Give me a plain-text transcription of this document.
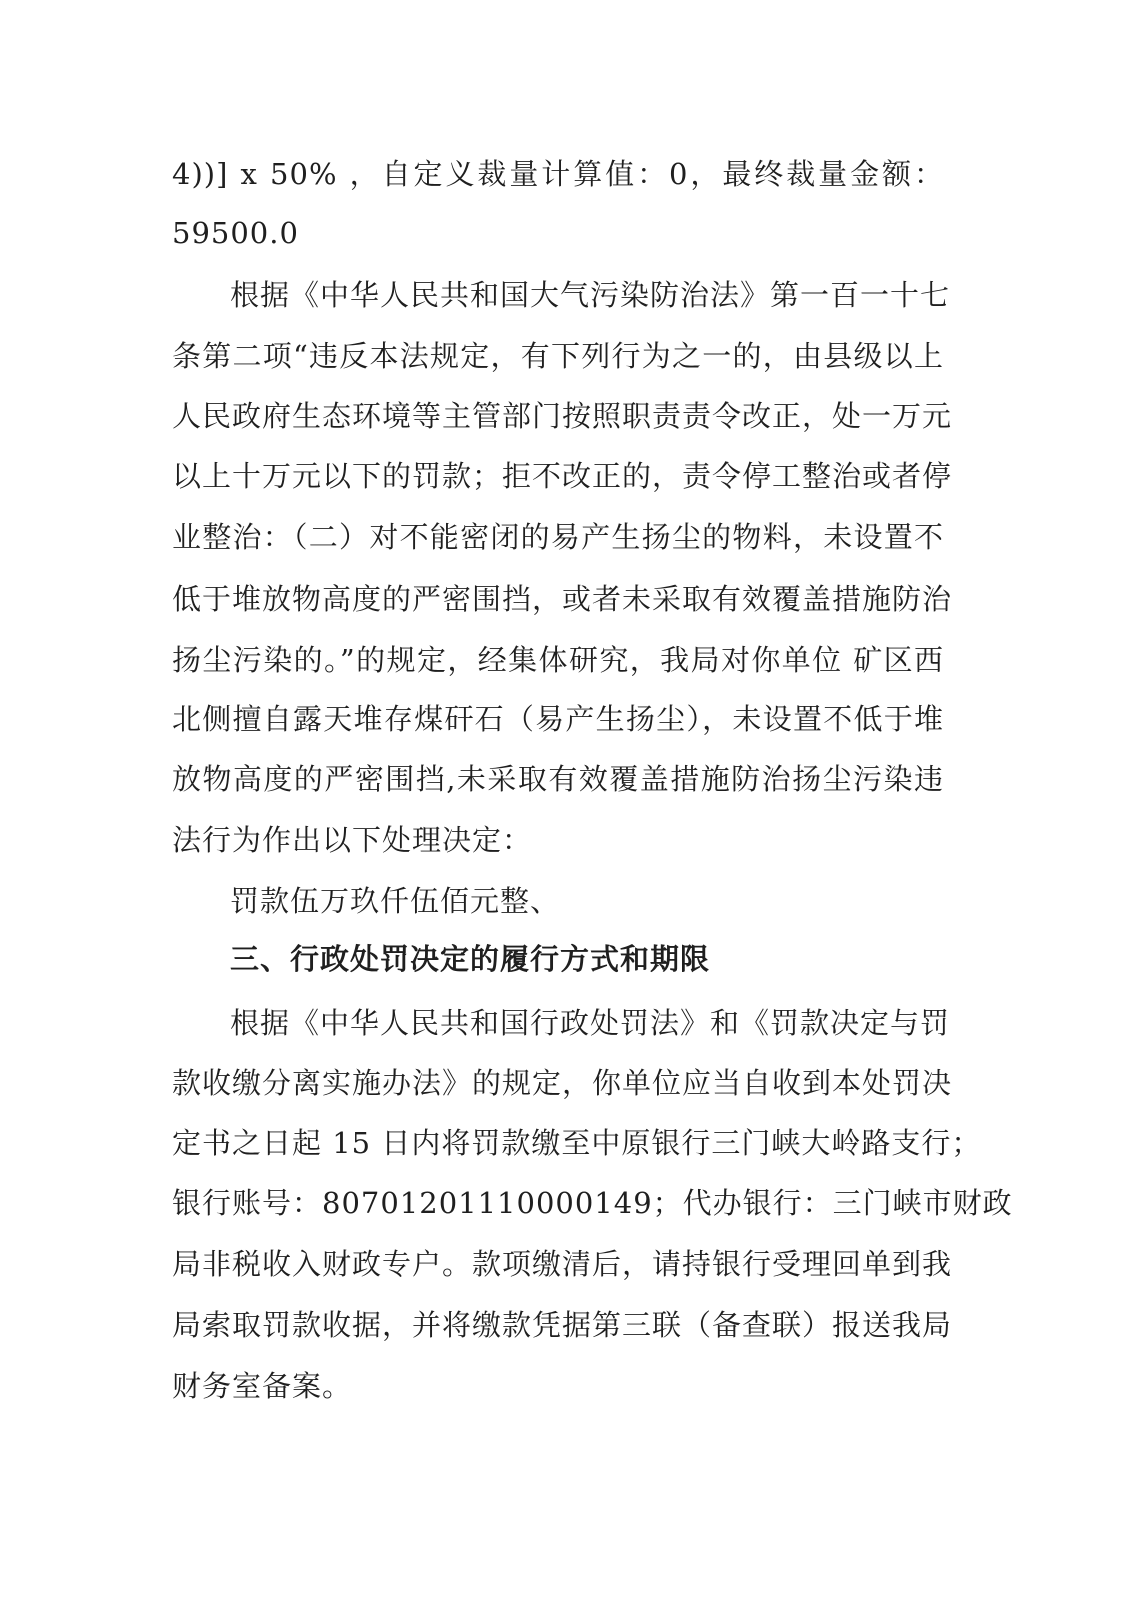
4))] x 50% ，自定义裁量计算值：0，最终裁量金额：
59500.0
根据《中华人民共和国大气污染防治法》第一百一十七
条第二项“违反本法规定，有下列行为之一的，由县级以上
人民政府生态环境等主管部门按照职责责令改正，处一万元
以上十万元以下的罚款；拒不改正的，责令停工整治或者停
业整治：（二）对不能密闭的易产生扬尘的物料，未设置不
低于堆放物高度的严密围挡，或者未采取有效覆盖措施防治
扬尘污染的。”的规定，经集体研究，我局对你单位 矿区西
北侧擅自露天堆存煤矸石（易产生扬尘），未设置不低于堆
放物高度的严密围挡,未采取有效覆盖措施防治扬尘污染违
法行为作出以下处理决定：
罚款伍万玖仟伍佰元整、
三、行政处罚决定的履行方式和期限
根据《中华人民共和国行政处罚法》和《罚款决定与罚
款收缴分离实施办法》的规定，你单位应当自收到本处罚决
定书之日起 15 日内将罚款缴至中原银行三门峡大岭路支行；
银行账号：80701201110000149；代办银行：三门峡市财政
局非税收入财政专户。款项缴清后，请持银行受理回单到我
局索取罚款收据，并将缴款凭据第三联（备查联）报送我局
财务室备案。
